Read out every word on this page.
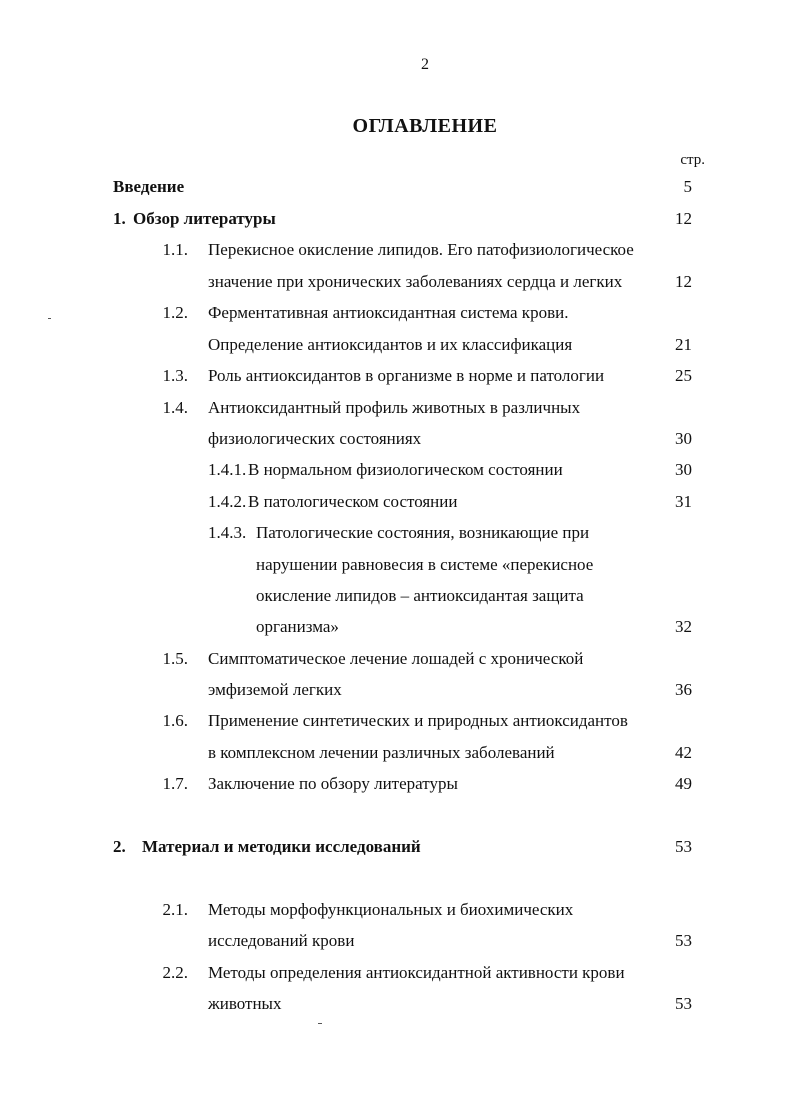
2
ОГЛАВЛЕНИЕ
стр.
Введение	5
1. Обзор литературы	12
1.1. Перекисное окисление липидов. Его патофизиологическое
значение при хронических заболеваниях сердца и легких	12
1.2. Ферментативная антиоксидантная система крови.
Определение антиоксидантов и их классификация	21
1.3. Роль антиоксидантов в организме в норме и патологии	25
1.4. Антиоксидантный профиль животных в различных
физиологических состояниях	30
1.4.1. В нормальном физиологическом состоянии	30
1.4.2. В патологическом состоянии	31
1.4.3. Патологические состояния, возникающие при
нарушении равновесия в системе «перекисное
окисление липидов – антиоксидантая защита
организма»	32
1.5. Симптоматическое лечение лошадей с хронической
эмфиземой легких	36
1.6. Применение синтетических и природных антиоксидантов
в комплексном лечении различных заболеваний	42
1.7. Заключение по обзору литературы	49
2. Материал и методики исследований	53
2.1. Методы морфофункциональных и биохимических
исследований крови	53
2.2. Методы определения антиоксидантной активности крови
животных	53
